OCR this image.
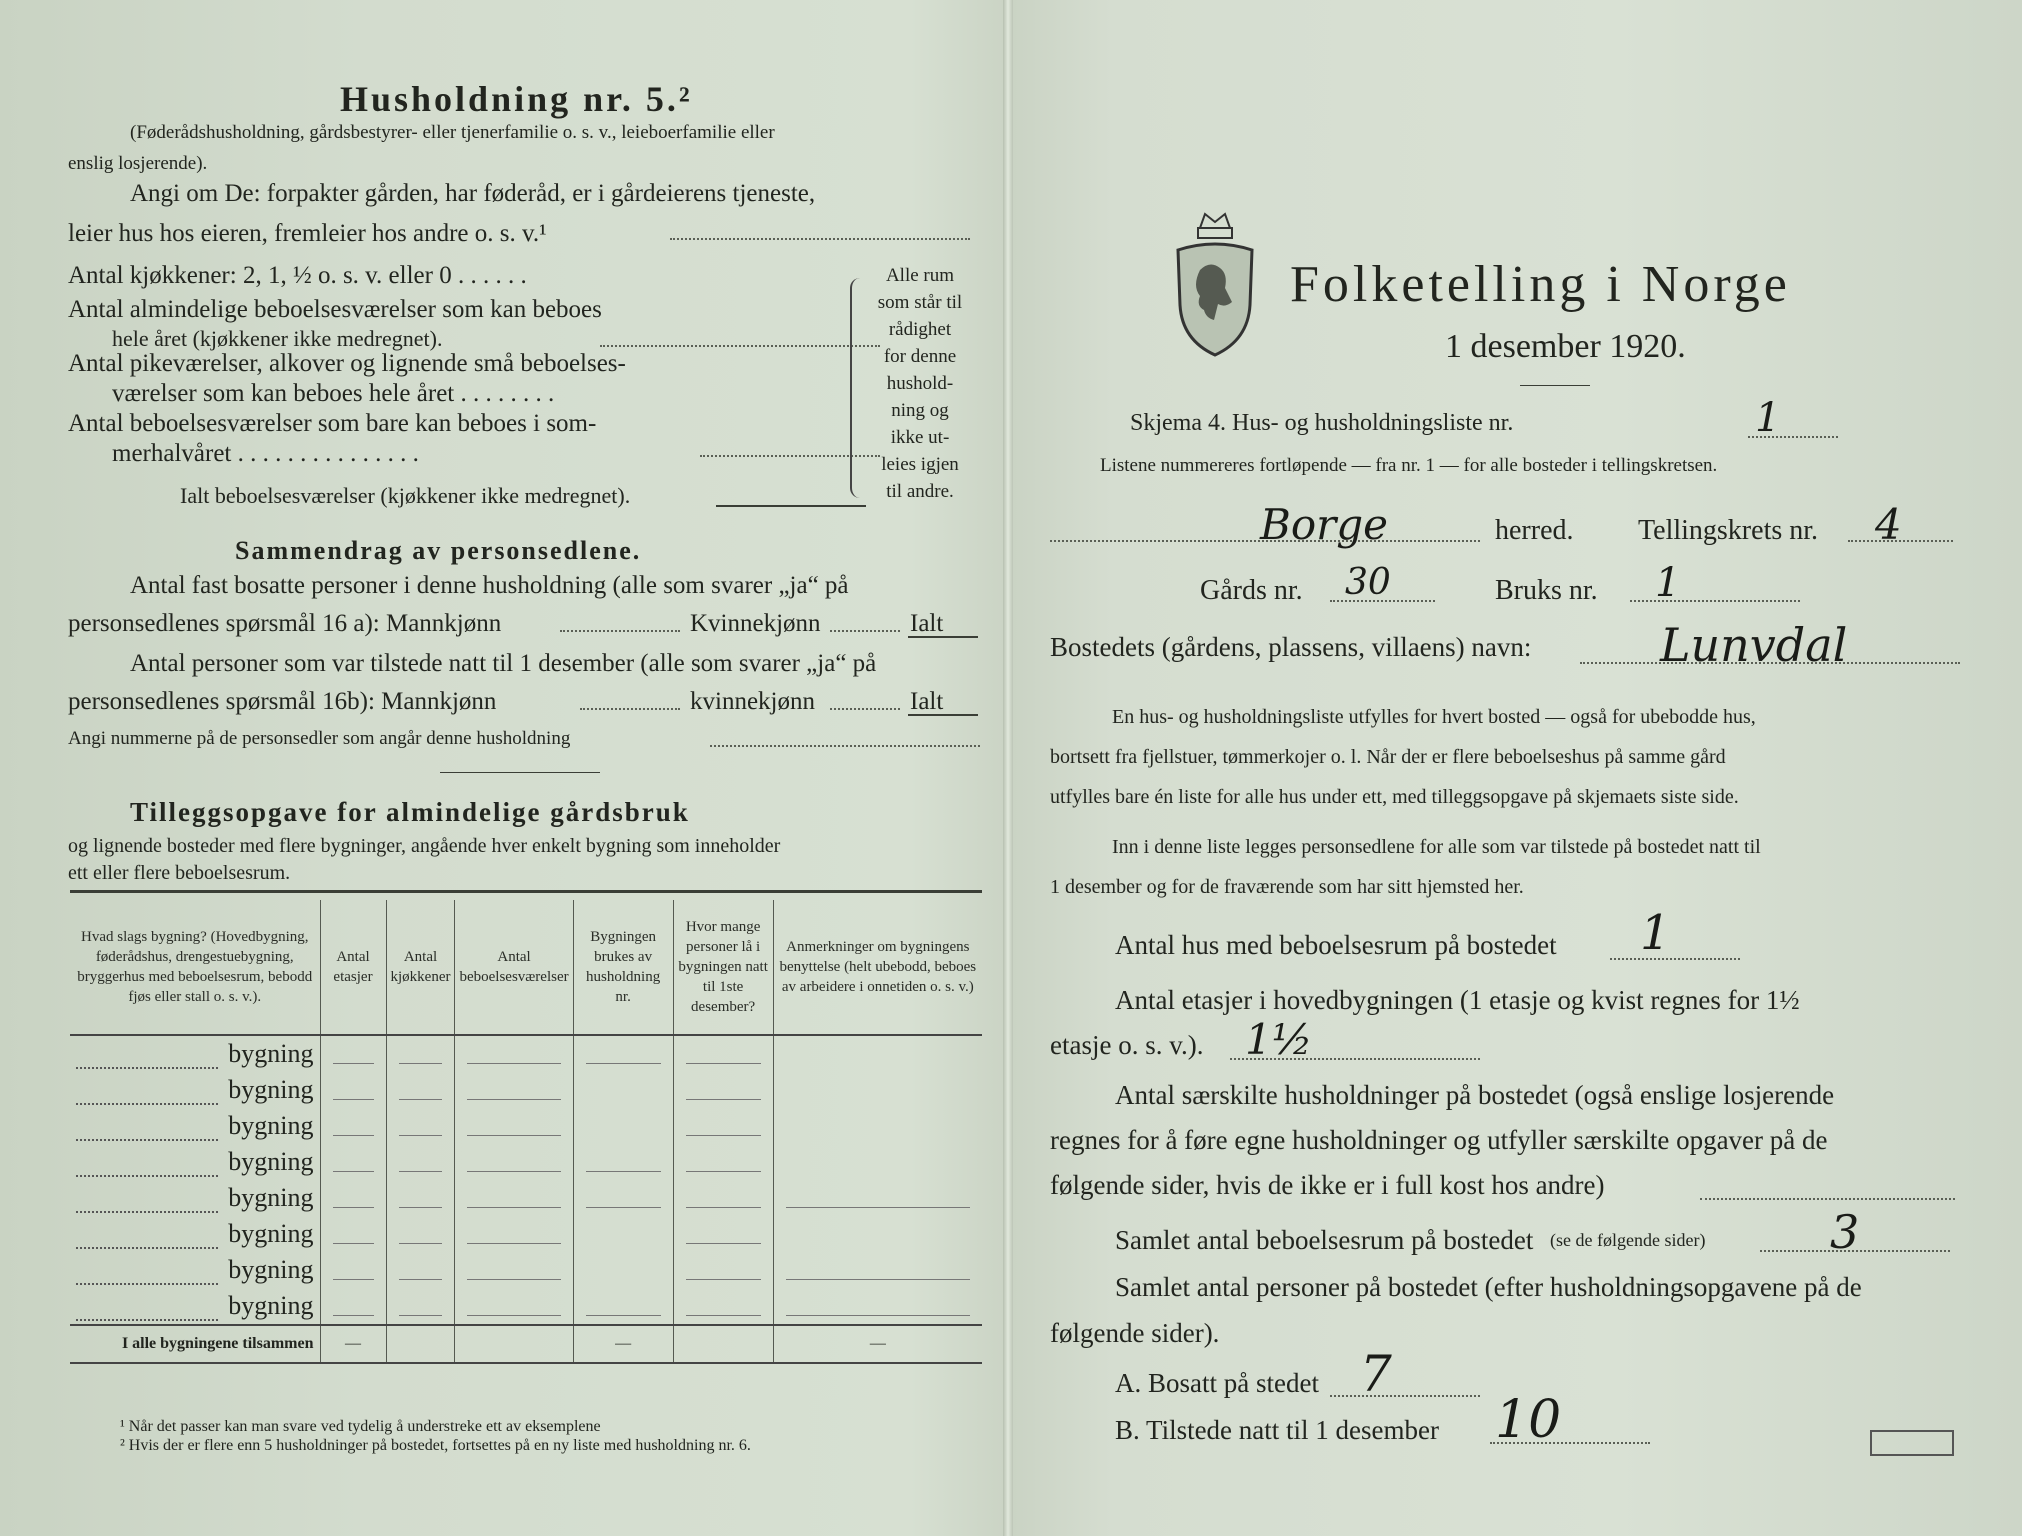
Husholdning nr. 5.²
(Føderådshusholdning, gårdsbestyrer- eller tjenerfamilie o. s. v., leieboerfamilie eller
enslig losjerende).
Angi om De: forpakter gården, har føderåd, er i gårdeierens tjeneste,
leier hus hos eieren, fremleier hos andre o. s. v.¹
Antal kjøkkener: 2, 1, ½ o. s. v. eller 0 . . . . . .
Antal almindelige beboelsesværelser som kan beboes
hele året (kjøkkener ikke medregnet).
Antal pikeværelser, alkover og lignende små beboelses-
værelser som kan beboes hele året . . . . . . . .
Antal beboelsesværelser som bare kan beboes i som-
merhalvåret . . . . . . . . . . . . . . .
Ialt beboelsesværelser (kjøkkener ikke medregnet).
Alle rum
som står til
rådighet
for denne
hushold-
ning og
ikke ut-
leies igjen
til andre.
Sammendrag av personsedlene.
Antal fast bosatte personer i denne husholdning (alle som svarer „ja“ på
personsedlenes spørsmål 16 a): Mannkjønn	Kvinnekjønn	Ialt
Antal personer som var tilstede natt til 1 desember (alle som svarer „ja“ på
personsedlenes spørsmål 16b): Mannkjønn	kvinnekjønn	Ialt
Angi nummerne på de personsedler som angår denne husholdning
Tilleggsopgave for almindelige gårdsbruk
og lignende bosteder med flere bygninger, angående hver enkelt bygning som inneholder
ett eller flere beboelsesrum.
Hvad slags bygning? (Hovedbygning, føderådshus, drengestuebygning, bryggerhus med beboelsesrum, bebodd fjøs eller stall o. s. v.).	Antal etasjer	Antal kjøkkener	Antal beboelsesværelser	Bygningen brukes av husholdning nr.	Hvor mange personer lå i bygningen natt til 1ste desember?	Anmerkninger om bygningens benyttelse (helt ubebodd, beboes av arbeidere i onnetiden o. s. v.)

bygning						

bygning						

bygning						

bygning						

bygning						

bygning						

bygning						

bygning						

I alle bygningene tilsammen	—			—		—
¹ Når det passer kan man svare ved tydelig å understreke ett av eksemplene
² Hvis der er flere enn 5 husholdninger på bostedet, fortsettes på en ny liste med husholdning nr. 6.
Folketelling i Norge
1 desember 1920.
Skjema 4. Hus- og husholdningsliste nr.	1
Listene nummereres fortløpende — fra nr. 1 — for alle bosteder i tellingskretsen.
Borge	herred. Tellingskrets nr. 4
Gårds nr. 30	Bruks nr. 1
Bostedets (gårdens, plassens, villaens) navn:	Lunvdal
En hus- og husholdningsliste utfylles for hvert bosted — også for ubebodde hus,
bortsett fra fjellstuer, tømmerkojer o. l. Når der er flere beboelseshus på samme gård
utfylles bare én liste for alle hus under ett, med tilleggsopgave på skjemaets siste side.
Inn i denne liste legges personsedlene for alle som var tilstede på bostedet natt til
1 desember og for de fraværende som har sitt hjemsted her.
Antal hus med beboelsesrum på bostedet 1
Antal etasjer i hovedbygningen (1 etasje og kvist regnes for 1½
etasje o. s. v.). 1½
Antal særskilte husholdninger på bostedet (også enslige losjerende
regnes for å føre egne husholdninger og utfyller særskilte opgaver på de
følgende sider, hvis de ikke er i full kost hos andre)
Samlet antal beboelsesrum på bostedet (se de følgende sider)	3
Samlet antal personer på bostedet (efter husholdningsopgavene på de
følgende sider).
A. Bosatt på stedet 7
B. Tilstede natt til 1 desember 10
